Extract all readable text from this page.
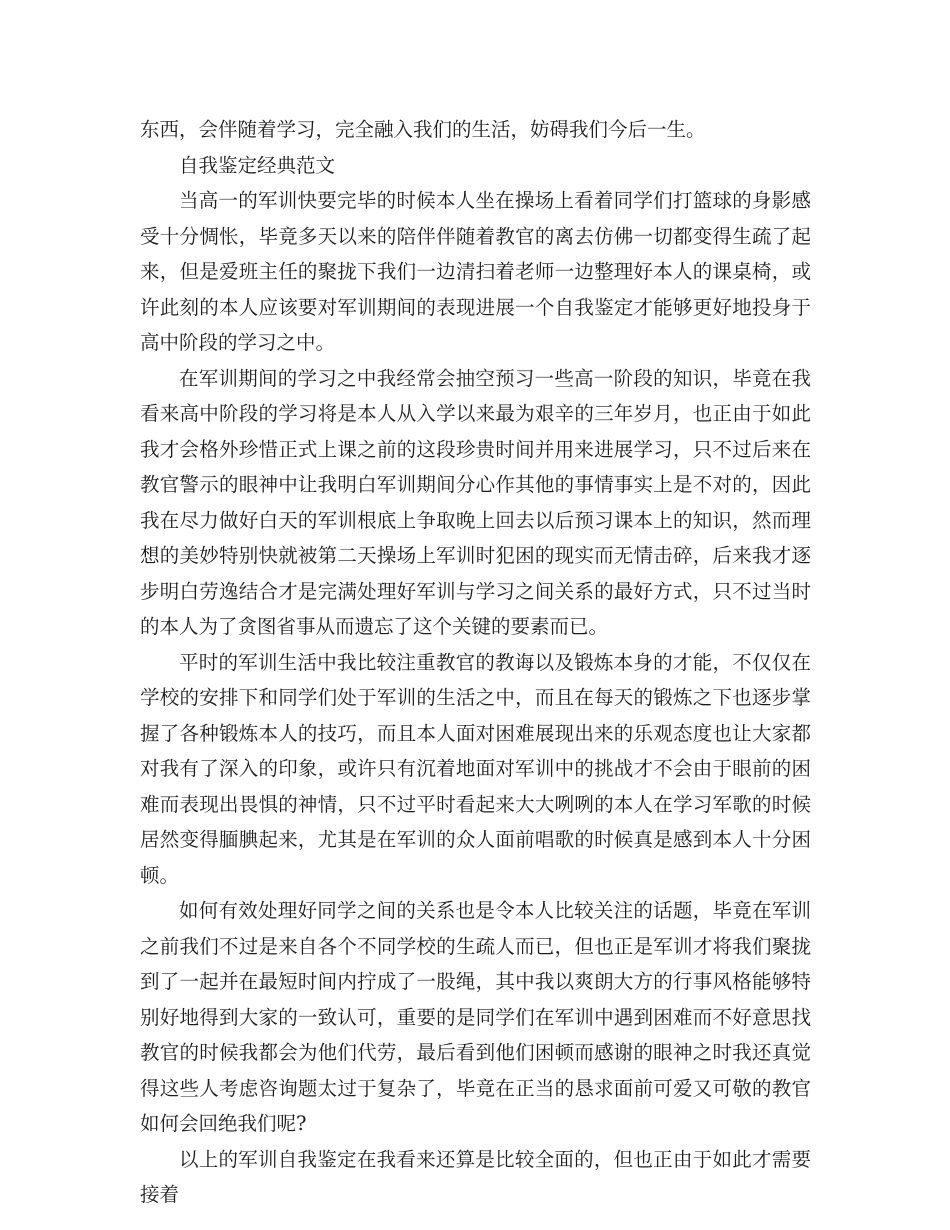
东西，会伴随着学习，完全融入我们的生活，妨碍我们今后一生。

自我鉴定经典范文

当高一的军训快要完毕的时候本人坐在操场上看着同学们打篮球的身影感受十分惆怅，毕竟多天以来的陪伴伴随着教官的离去仿佛一切都变得生疏了起来，但是爱班主任的聚拢下我们一边清扫着老师一边整理好本人的课桌椅，或许此刻的本人应该要对军训期间的表现进展一个自我鉴定才能够更好地投身于高中阶段的学习之中。

在军训期间的学习之中我经常会抽空预习一些高一阶段的知识，毕竟在我看来高中阶段的学习将是本人从入学以来最为艰辛的三年岁月，也正由于如此我才会格外珍惜正式上课之前的这段珍贵时间并用来进展学习，只不过后来在教官警示的眼神中让我明白军训期间分心作其他的事情事实上是不对的，因此我在尽力做好白天的军训根底上争取晚上回去以后预习课本上的知识，然而理想的美妙特别快就被第二天操场上军训时犯困的现实而无情击碎，后来我才逐步明白劳逸结合才是完满处理好军训与学习之间关系的最好方式，只不过当时的本人为了贪图省事从而遗忘了这个关键的要素而已。

平时的军训生活中我比较注重教官的教诲以及锻炼本身的才能，不仅仅在学校的安排下和同学们处于军训的生活之中，而且在每天的锻炼之下也逐步掌握了各种锻炼本人的技巧，而且本人面对困难展现出来的乐观态度也让大家都对我有了深入的印象，或许只有沉着地面对军训中的挑战才不会由于眼前的困难而表现出畏惧的神情，只不过平时看起来大大咧咧的本人在学习军歌的时候居然变得腼腆起来，尤其是在军训的众人面前唱歌的时候真是感到本人十分困顿。

如何有效处理好同学之间的关系也是令本人比较关注的话题，毕竟在军训之前我们不过是来自各个不同学校的生疏人而已，但也正是军训才将我们聚拢到了一起并在最短时间内拧成了一股绳，其中我以爽朗大方的行事风格能够特别好地得到大家的一致认可，重要的是同学们在军训中遇到困难而不好意思找教官的时候我都会为他们代劳，最后看到他们困顿而感谢的眼神之时我还真觉得这些人考虑咨询题太过于复杂了，毕竟在正当的恳求面前可爱又可敬的教官如何会回绝我们呢?

以上的军训自我鉴定在我看来还算是比较全面的，但也正由于如此才需要接着
